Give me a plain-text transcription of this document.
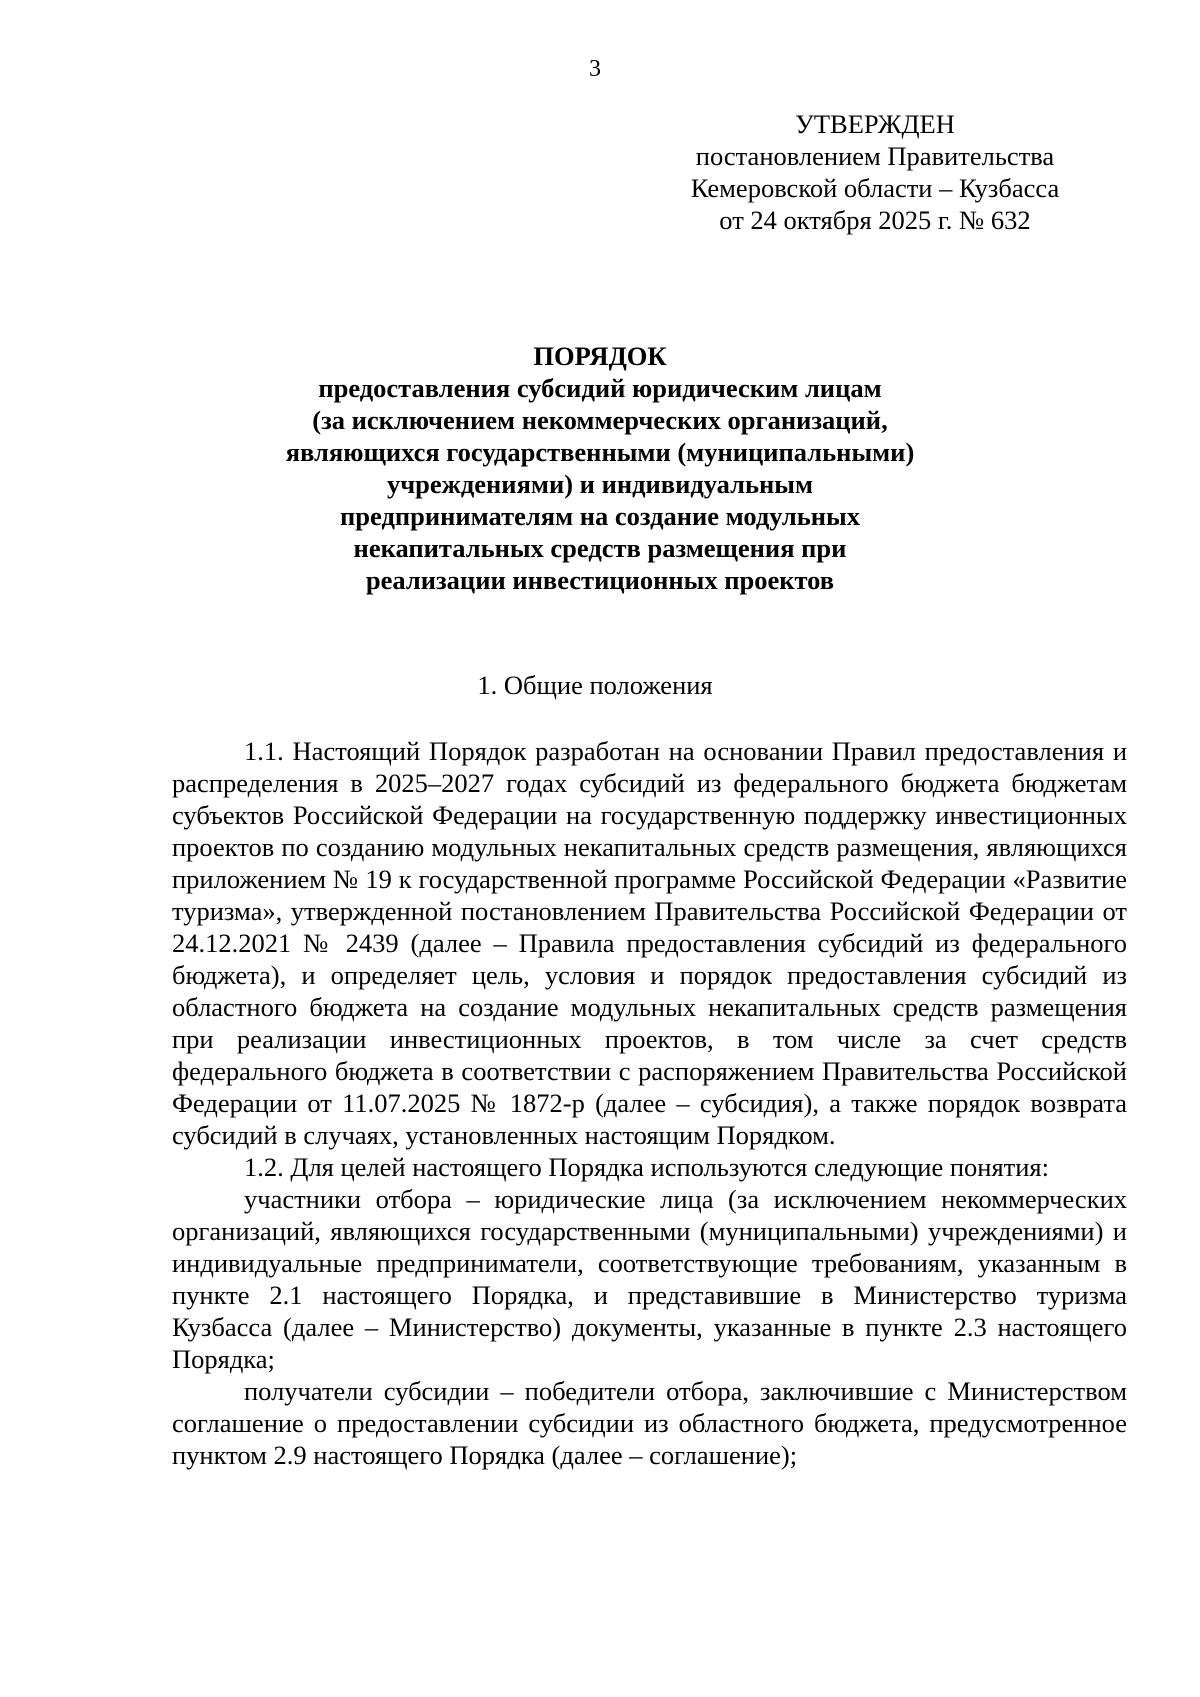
3
УТВЕРЖДЕН
постановлением Правительства
Кемеровской области – Кузбасса
от 24 октября 2025 г. № 632
ПОРЯДОК
предоставления субсидий юридическим лицам
(за исключением некоммерческих организаций,
являющихся государственными (муниципальными)
учреждениями) и индивидуальным
предпринимателям на создание модульных
некапитальных средств размещения при
реализации инвестиционных проектов
1. Общие положения

1.1. Настоящий Порядок разработан на основании Правил предоставления и распределения в 2025–2027 годах субсидий из федерального бюджета бюджетам субъектов Российской Федерации на государственную поддержку инвестиционных проектов по созданию модульных некапитальных средств размещения, являющихся приложением № 19 к государственной программе Российской Федерации «Развитие туризма», утвержденной постановлением Правительства Российской Федерации от 24.12.2021 № 2439 (далее – Правила предоставления субсидий из федерального бюджета), и определяет цель, условия и порядок предоставления субсидий из областного бюджета на создание модульных некапитальных средств размещения при реализации инвестиционных проектов, в том числе за счет средств федерального бюджета в соответствии с распоряжением Правительства Российской Федерации от 11.07.2025 № 1872-р (далее – субсидия), а также порядок возврата субсидий в случаях, установленных настоящим Порядком.

1.2. Для целей настоящего Порядка используются следующие понятия:

участники отбора – юридические лица (за исключением некоммерческих организаций, являющихся государственными (муниципальными) учреждениями) и индивидуальные предприниматели, соответствующие требованиям, указанным в пункте 2.1 настоящего Порядка, и представившие в Министерство туризма Кузбасса (далее – Министерство) документы, указанные в пункте 2.3 настоящего Порядка;

получатели субсидии – победители отбора, заключившие с Министерством соглашение о предоставлении субсидии из областного бюджета, предусмотренное пунктом 2.9 настоящего Порядка (далее – соглашение);
